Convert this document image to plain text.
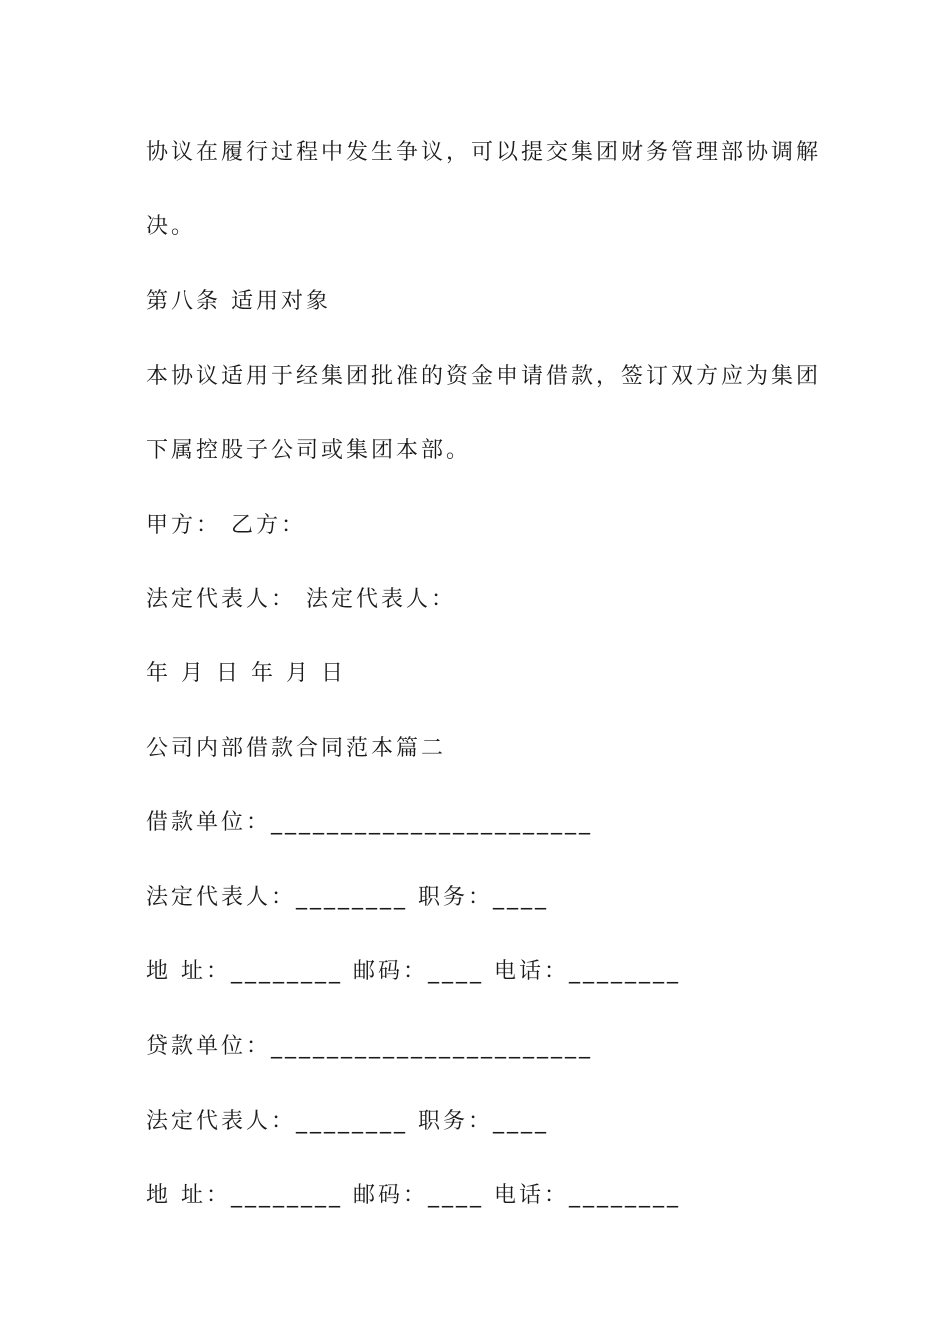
协议在履行过程中发生争议，可以提交集团财务管理部协调解
决。
第八条 适用对象
本协议适用于经集团批准的资金申请借款，签订双方应为集团
下属控股子公司或集团本部。
甲方： 乙方：
法定代表人： 法定代表人：
年 月 日 年 月 日
公司内部借款合同范本篇二
借款单位：_______________________
法定代表人：________ 职务：____
地 址：________ 邮码：____ 电话：________
贷款单位：_______________________
法定代表人：________ 职务：____
地 址：________ 邮码：____ 电话：________
